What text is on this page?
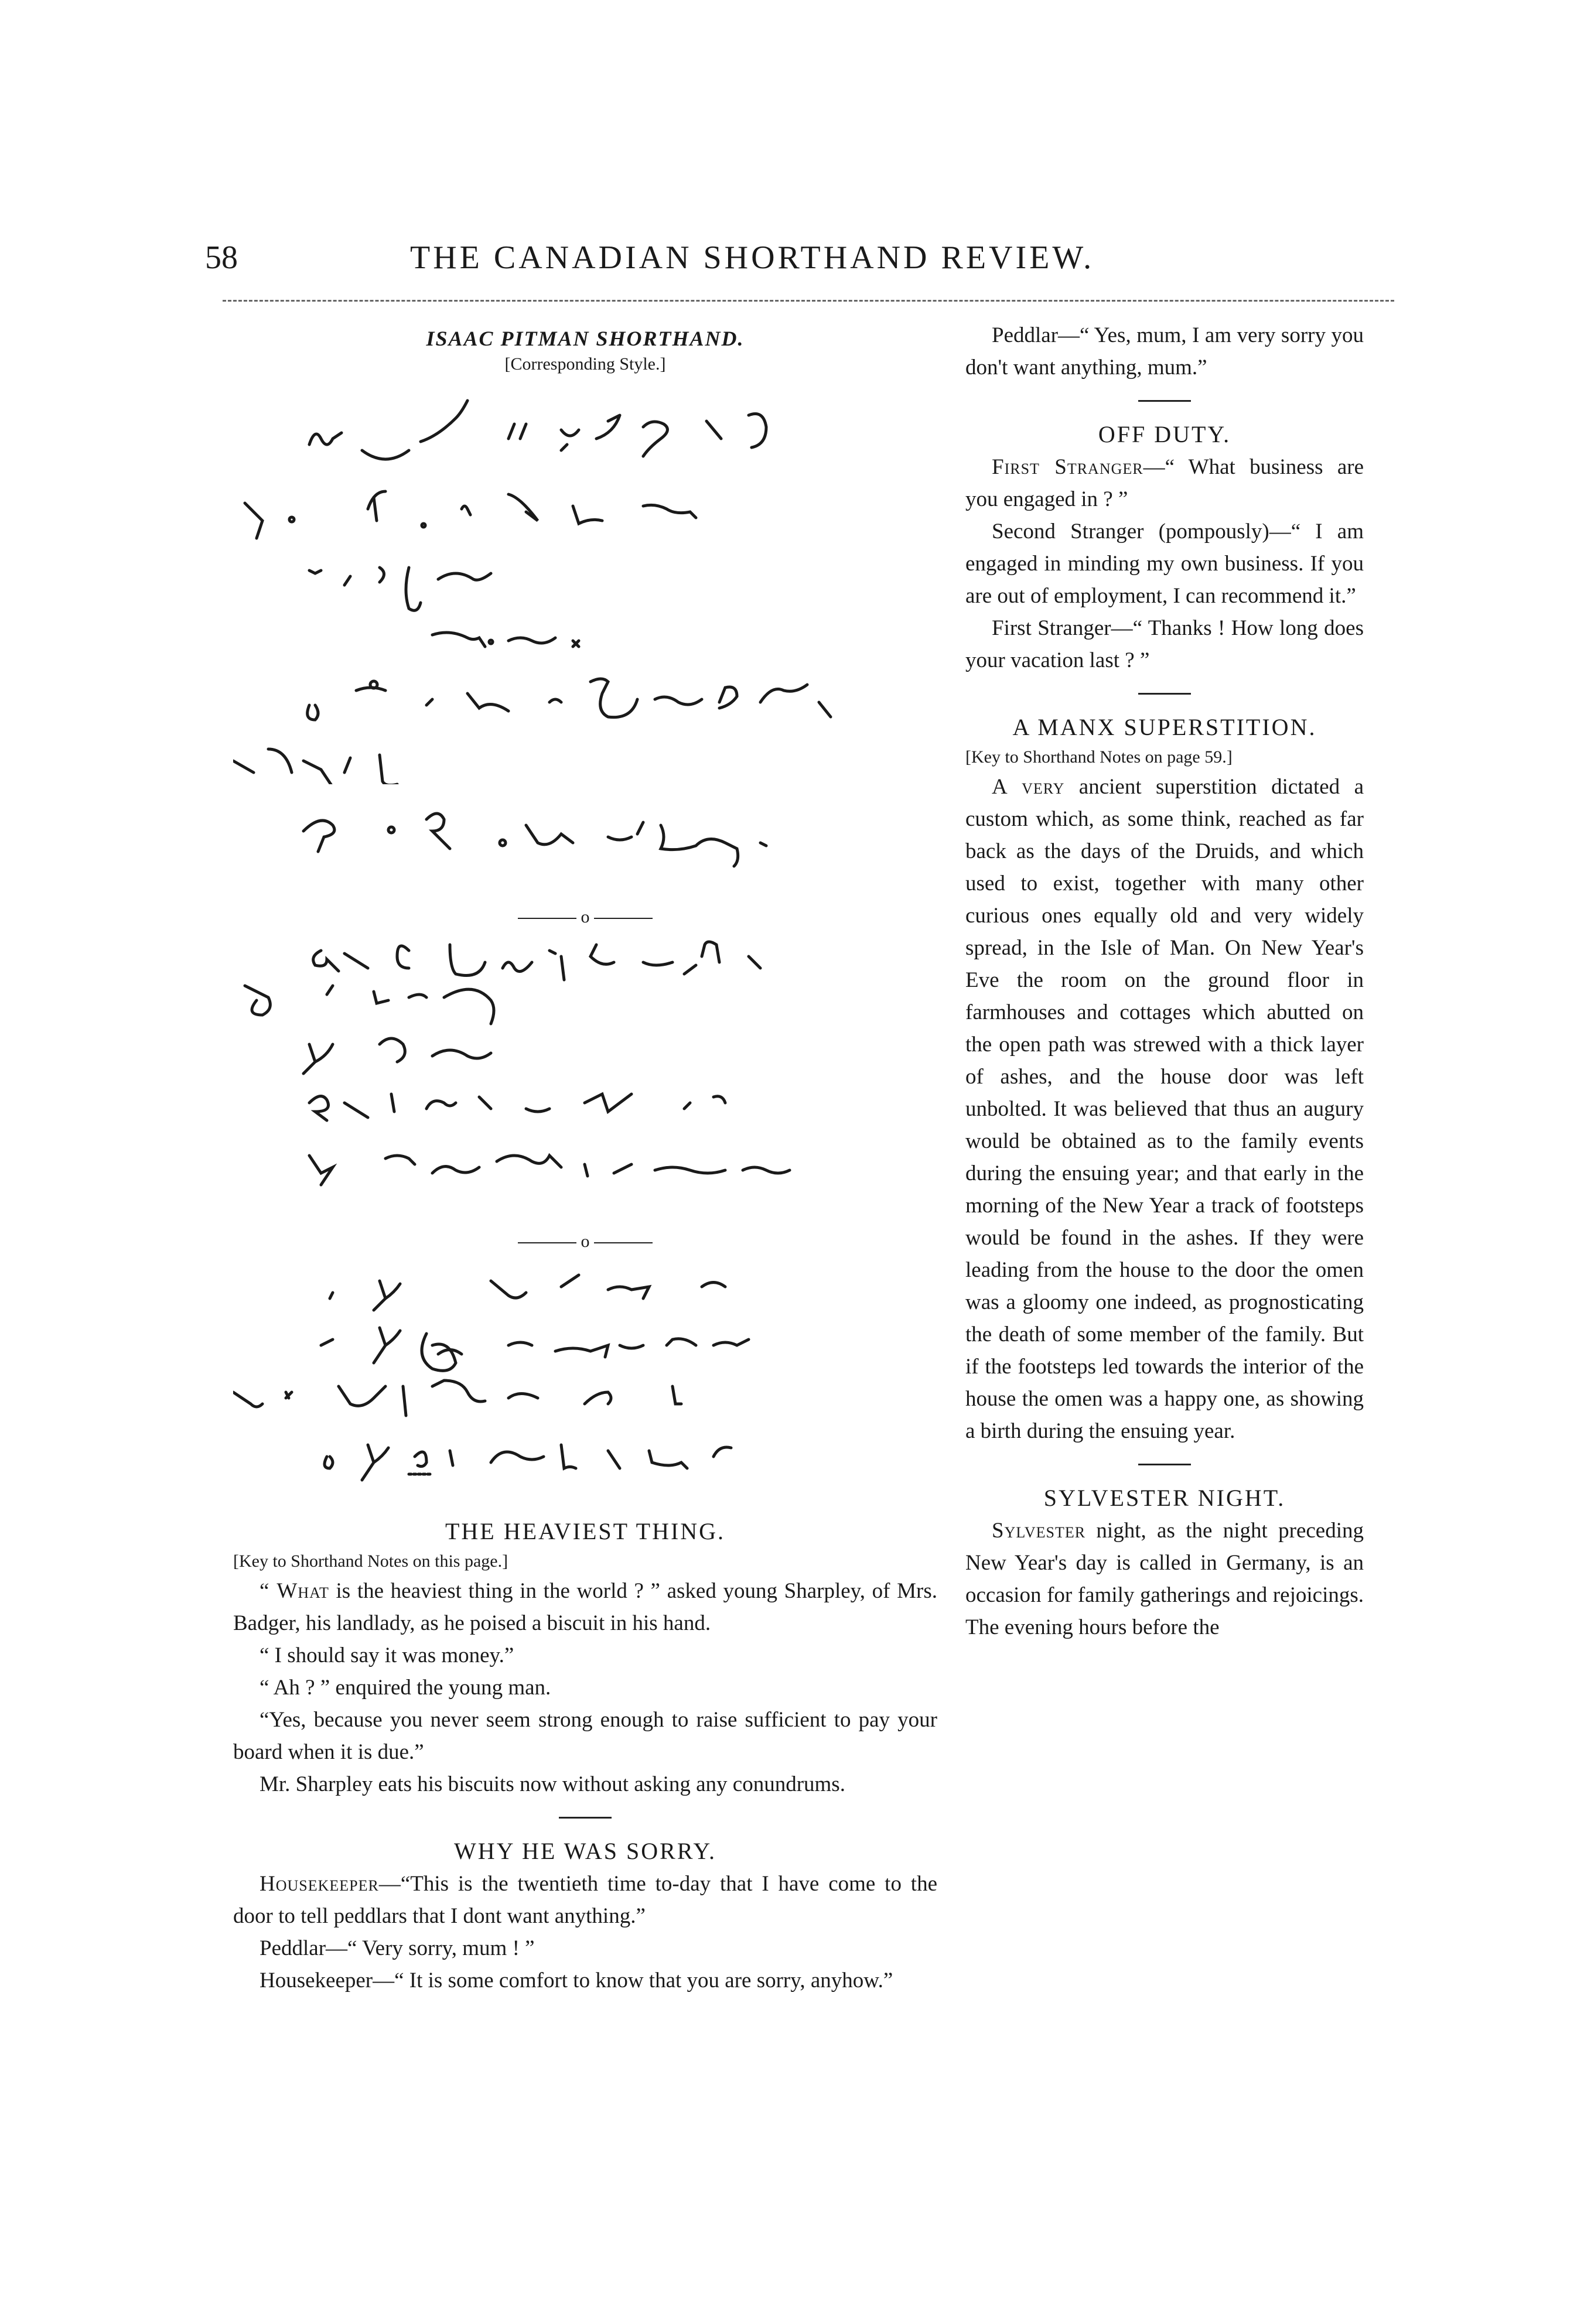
58	THE CANADIAN SHORTHAND REVIEW.
ISAAC PITMAN SHORTHAND.
[Corresponding Style.]
o
o
THE HEAVIEST THING.
[Key to Shorthand Notes on this page.]

“ What is the heaviest thing in the world ? ” asked young Sharpley, of Mrs. Badger, his landlady, as he poised a biscuit in his hand.

“ I should say it was money.”

“ Ah ? ” enquired the young man.

“Yes, because you never seem strong enough to raise sufficient to pay your board when it is due.”

Mr. Sharpley eats his biscuits now without asking any conundrums.

WHY HE WAS SORRY.

Housekeeper—“This is the twentieth time to-day that I have come to the door to tell peddlars that I dont want anything.”

Peddlar—“ Very sorry, mum ! ”

Housekeeper—“ It is some comfort to know that you are sorry, anyhow.”

Peddlar—“ Yes, mum, I am very sorry you don't want anything, mum.”

OFF DUTY.

First Stranger—“ What business are you engaged in ? ”

Second Stranger (pompously)—“ I am engaged in minding my own business. If you are out of employment, I can recommend it.”

First Stranger—“ Thanks ! How long does your vacation last ? ”

A MANX SUPERSTITION.
[Key to Shorthand Notes on page 59.]

A very ancient superstition dictated a custom which, as some think, reached as far back as the days of the Druids, and which used to exist, together with many other curious ones equally old and very widely spread, in the Isle of Man. On New Year's Eve the room on the ground floor in farmhouses and cottages which abutted on the open path was strewed with a thick layer of ashes, and the house door was left unbolted. It was believed that thus an augury would be obtained as to the family events during the ensuing year; and that early in the morning of the New Year a track of footsteps would be found in the ashes. If they were leading from the house to the door the omen was a gloomy one indeed, as prognosticating the death of some member of the family. But if the footsteps led towards the interior of the house the omen was a happy one, as showing a birth during the ensuing year.

SYLVESTER NIGHT.

Sylvester night, as the night preceding New Year's day is called in Germany, is an occasion for family gatherings and rejoicings. The evening hours before the
